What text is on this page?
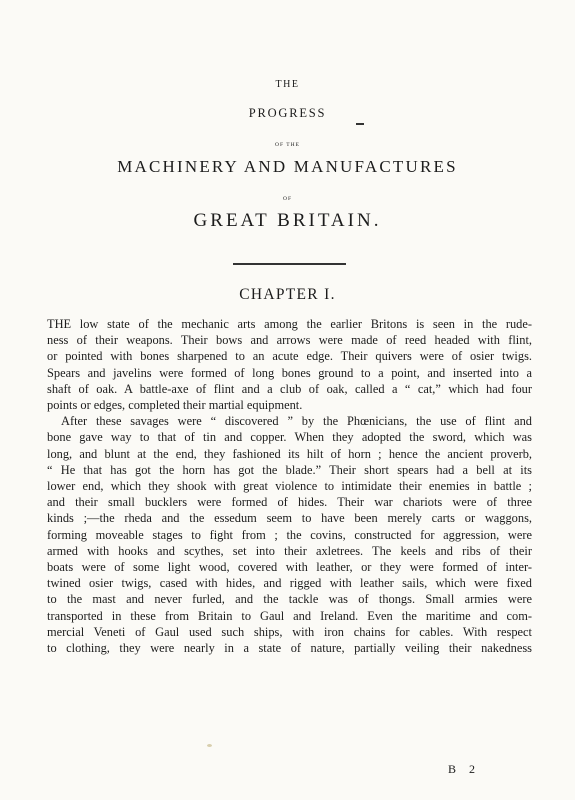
THE
PROGRESS
OF THE
MACHINERY AND MANUFACTURES
OF
GREAT BRITAIN.
CHAPTER I.
THE low state of the mechanic arts among the earlier Britons is seen in the rude-
ness of their weapons. Their bows and arrows were made of reed headed with flint,
or pointed with bones sharpened to an acute edge. Their quivers were of osier twigs.
Spears and javelins were formed of long bones ground to a point, and inserted into a
shaft of oak. A battle-axe of flint and a club of oak, called a “ cat,” which had four
points or edges, completed their martial equipment.
After these savages were “ discovered ” by the Phœnicians, the use of flint and
bone gave way to that of tin and copper. When they adopted the sword, which was
long, and blunt at the end, they fashioned its hilt of horn ; hence the ancient proverb,
“ He that has got the horn has got the blade.” Their short spears had a bell at its
lower end, which they shook with great violence to intimidate their enemies in battle ;
and their small bucklers were formed of hides. Their war chariots were of three
kinds ;—the rheda and the essedum seem to have been merely carts or waggons,
forming moveable stages to fight from ; the covins, constructed for aggression, were
armed with hooks and scythes, set into their axletrees. The keels and ribs of their
boats were of some light wood, covered with leather, or they were formed of inter-
twined osier twigs, cased with hides, and rigged with leather sails, which were fixed
to the mast and never furled, and the tackle was of thongs. Small armies were
transported in these from Britain to Gaul and Ireland. Even the maritime and com-
mercial Veneti of Gaul used such ships, with iron chains for cables. With respect
to clothing, they were nearly in a state of nature, partially veiling their nakedness
B 2
